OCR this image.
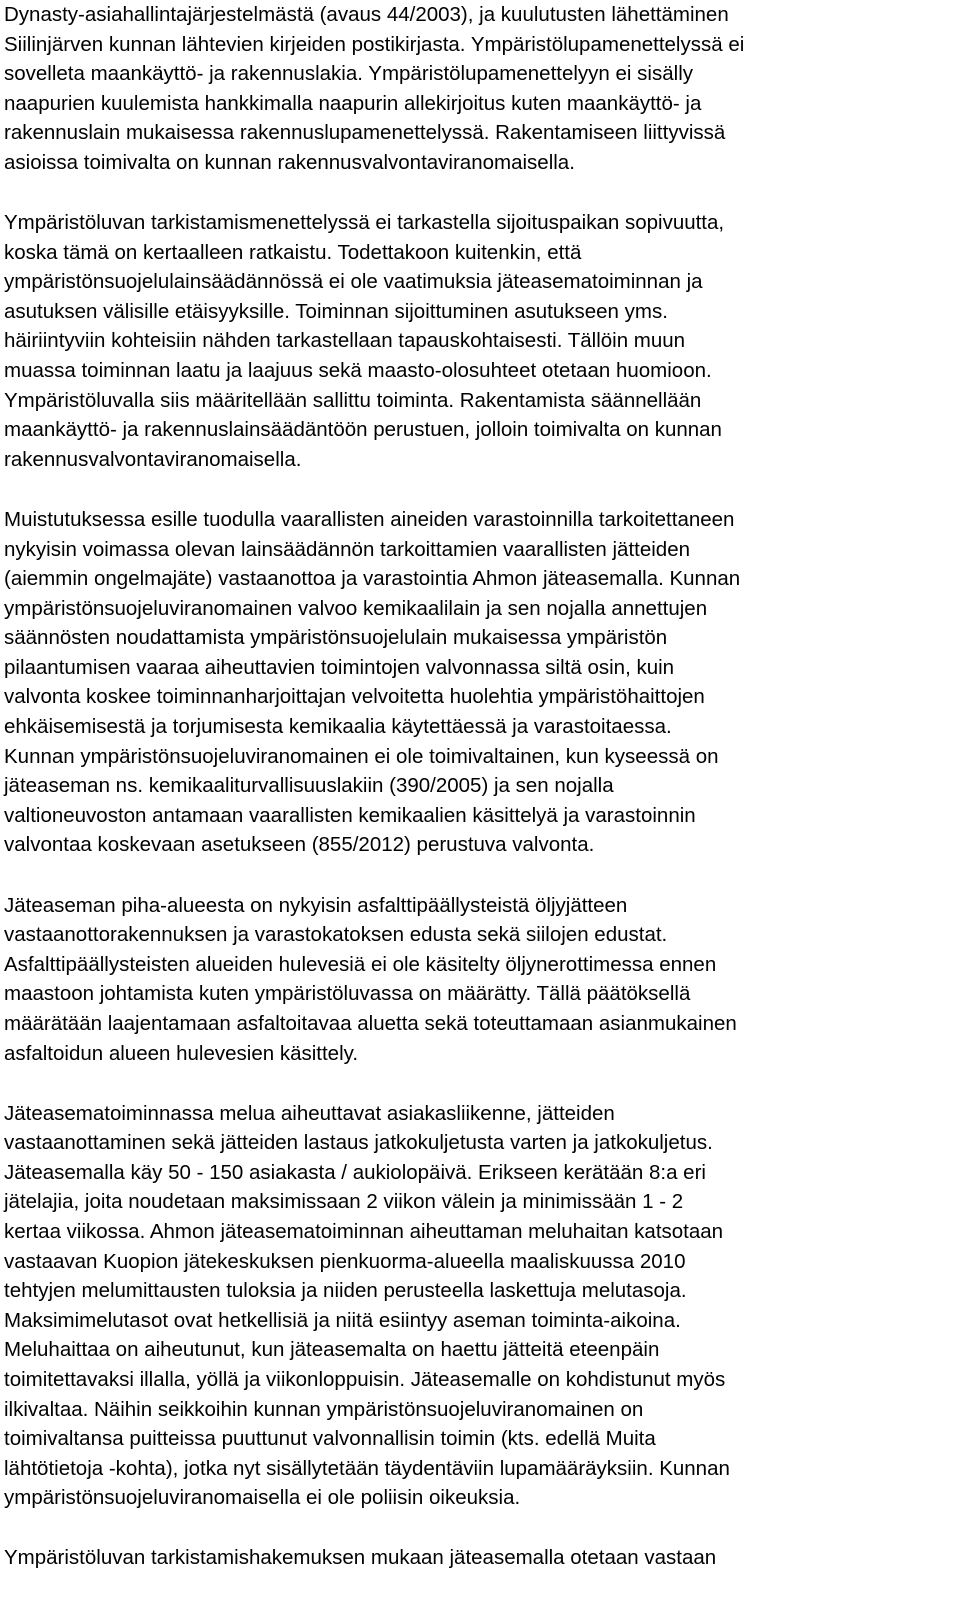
Dynasty-asiahallintajärjestelmästä (avaus 44/2003), ja kuulutusten lähettäminen
Siilinjärven kunnan lähtevien kirjeiden postikirjasta. Ympäristölupamenettelyssä ei
sovelleta maankäyttö- ja rakennuslakia. Ympäristölupamenettelyyn ei sisälly
naapurien kuulemista hankkimalla naapurin allekirjoitus kuten maankäyttö- ja
rakennuslain mukaisessa rakennuslupamenettelyssä. Rakentamiseen liittyvissä
asioissa toimivalta on kunnan rakennusvalvontaviranomaisella.

Ympäristöluvan tarkistamismenettelyssä ei tarkastella sijoituspaikan sopivuutta,
koska tämä on kertaalleen ratkaistu. Todettakoon kuitenkin, että
ympäristönsuojelulainsäädännössä ei ole vaatimuksia jäteasematoiminnan ja
asutuksen välisille etäisyyksille. Toiminnan sijoittuminen asutukseen yms.
häiriintyviin kohteisiin nähden tarkastellaan tapauskohtaisesti. Tällöin muun
muassa toiminnan laatu ja laajuus sekä maasto-olosuhteet otetaan huomioon.
Ympäristöluvalla siis määritellään sallittu toiminta. Rakentamista säännellään
maankäyttö- ja rakennuslainsäädäntöön perustuen, jolloin toimivalta on kunnan
rakennusvalvontaviranomaisella.

Muistutuksessa esille tuodulla vaarallisten aineiden varastoinnilla tarkoitettaneen
nykyisin voimassa olevan lainsäädännön tarkoittamien vaarallisten jätteiden
(aiemmin ongelmajäte) vastaanottoa ja varastointia Ahmon jäteasemalla. Kunnan
ympäristönsuojeluviranomainen valvoo kemikaalilain ja sen nojalla annettujen
säännösten noudattamista ympäristönsuojelulain mukaisessa ympäristön
pilaantumisen vaaraa aiheuttavien toimintojen valvonnassa siltä osin, kuin
valvonta koskee toiminnanharjoittajan velvoitetta huolehtia ympäristöhaittojen
ehkäisemisestä ja torjumisesta kemikaalia käytettäessä ja varastoitaessa.
Kunnan ympäristönsuojeluviranomainen ei ole toimivaltainen, kun kyseessä on
jäteaseman ns. kemikaaliturvallisuuslakiin (390/2005) ja sen nojalla
valtioneuvoston antamaan vaarallisten kemikaalien käsittelyä ja varastoinnin
valvontaa koskevaan asetukseen (855/2012) perustuva valvonta.

Jäteaseman piha-alueesta on nykyisin asfalttipäällysteistä öljyjätteen
vastaanottorakennuksen ja varastokatoksen edusta sekä siilojen edustat.
Asfalttipäällysteisten alueiden hulevesiä ei ole käsitelty öljynerottimessa ennen
maastoon johtamista kuten ympäristöluvassa on määrätty. Tällä päätöksellä
määrätään laajentamaan asfaltoitavaa aluetta sekä toteuttamaan asianmukainen
asfaltoidun alueen hulevesien käsittely.

Jäteasematoiminnassa melua aiheuttavat asiakasliikenne, jätteiden
vastaanottaminen sekä jätteiden lastaus jatkokuljetusta varten ja jatkokuljetus.
Jäteasemalla käy 50 - 150 asiakasta / aukiolopäivä. Erikseen kerätään 8:a eri
jätelajia, joita noudetaan maksimissaan 2 viikon välein ja minimissään 1 - 2
kertaa viikossa. Ahmon jäteasematoiminnan aiheuttaman meluhaitan katsotaan
vastaavan Kuopion jätekeskuksen pienkuorma-alueella maaliskuussa 2010
tehtyjen melumittausten tuloksia ja niiden perusteella laskettuja melutasoja.
Maksimimelutasot ovat hetkellisiä ja niitä esiintyy aseman toiminta-aikoina.
Meluhaittaa on aiheutunut, kun jäteasemalta on haettu jätteitä eteenpäin
toimitettavaksi illalla, yöllä ja viikonloppuisin. Jäteasemalle on kohdistunut myös
ilkivaltaa. Näihin seikkoihin kunnan ympäristönsuojeluviranomainen on
toimivaltansa puitteissa puuttunut valvonnallisin toimin (kts. edellä Muita
lähtötietoja -kohta), jotka nyt sisällytetään täydentäviin lupamääräyksiin. Kunnan
ympäristönsuojeluviranomaisella ei ole poliisin oikeuksia.

Ympäristöluvan tarkistamishakemuksen mukaan jäteasemalla otetaan vastaan
